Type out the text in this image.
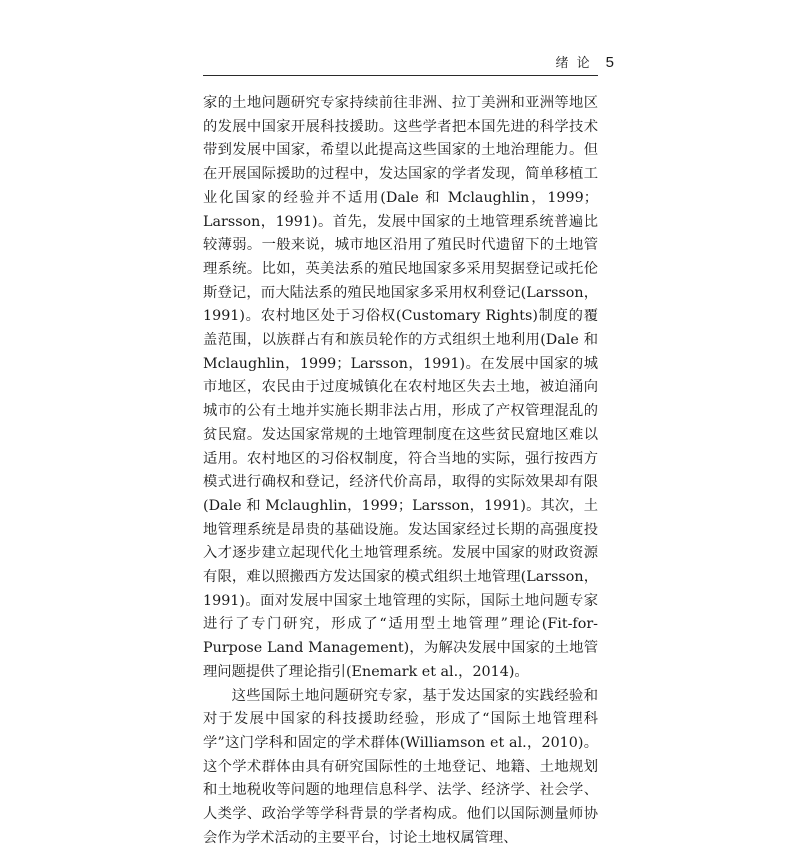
绪 论 5

家的土地问题研究专家持续前往非洲、拉丁美洲和亚洲等地区的发展中国家开展科技援助。这些学者把本国先进的科学技术带到发展中国家，希望以此提高这些国家的土地治理能力。但在开展国际援助的过程中，发达国家的学者发现，简单移植工业化国家的经验并不适用(Dale 和 Mclaughlin，1999；Larsson，1991)。首先，发展中国家的土地管理系统普遍比较薄弱。一般来说，城市地区沿用了殖民时代遗留下的土地管理系统。比如，英美法系的殖民地国家多采用契据登记或托伦斯登记，而大陆法系的殖民地国家多采用权利登记(Larsson，1991)。农村地区处于习俗权(Customary Rights)制度的覆盖范围，以族群占有和族员轮作的方式组织土地利用(Dale 和 Mclaughlin，1999；Larsson，1991)。在发展中国家的城市地区，农民由于过度城镇化在农村地区失去土地，被迫涌向城市的公有土地并实施长期非法占用，形成了产权管理混乱的贫民窟。发达国家常规的土地管理制度在这些贫民窟地区难以适用。农村地区的习俗权制度，符合当地的实际，强行按西方模式进行确权和登记，经济代价高昂，取得的实际效果却有限(Dale 和 Mclaughlin，1999；Larsson，1991)。其次，土地管理系统是昂贵的基础设施。发达国家经过长期的高强度投入才逐步建立起现代化土地管理系统。发展中国家的财政资源有限，难以照搬西方发达国家的模式组织土地管理(Larsson，1991)。面对发展中国家土地管理的实际，国际土地问题专家进行了专门研究，形成了“适用型土地管理”理论(Fit-for-Purpose Land Management)，为解决发展中国家的土地管理问题提供了理论指引(Enemark et al.，2014)。

这些国际土地问题研究专家，基于发达国家的实践经验和对于发展中国家的科技援助经验，形成了“国际土地管理科学”这门学科和固定的学术群体(Williamson et al.，2010)。这个学术群体由具有研究国际性的土地登记、地籍、土地规划和土地税收等问题的地理信息科学、法学、经济学、社会学、人类学、政治学等学科背景的学者构成。他们以国际测量师协会作为学术活动的主要平台，讨论土地权属管理、
